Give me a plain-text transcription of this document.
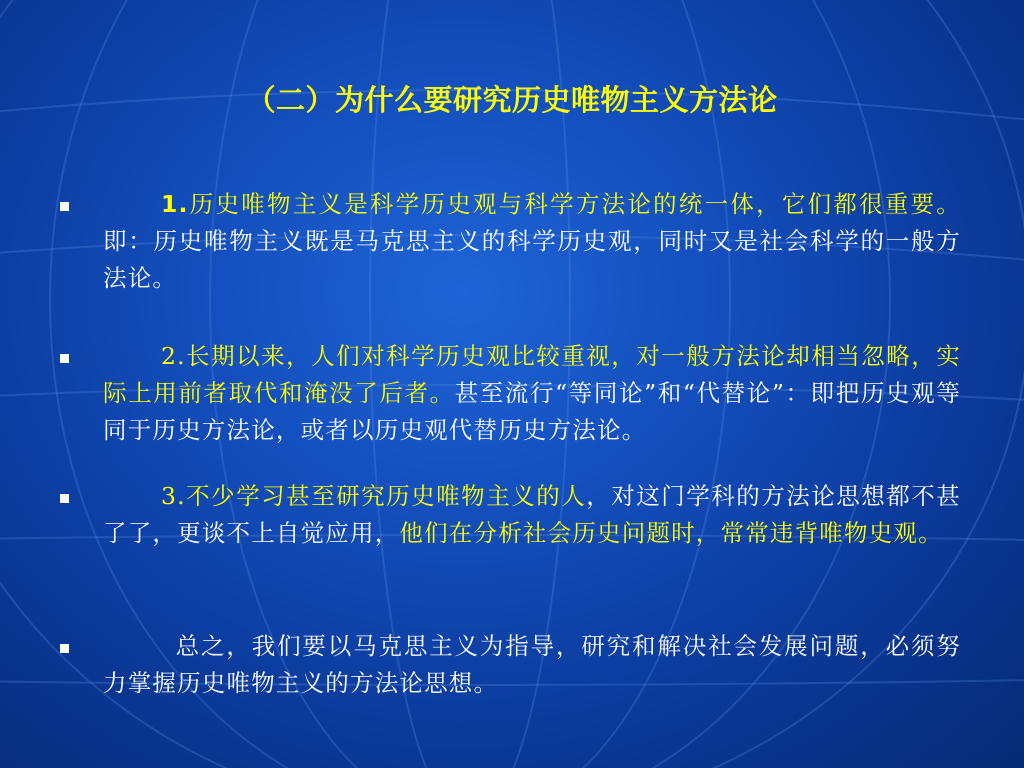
（二）为什么要研究历史唯物主义方法论
1.历史唯物主义是科学历史观与科学方法论的统一体，它们都很重要。即：历史唯物主义既是马克思主义的科学历史观，同时又是社会科学的一般方法论。
2.长期以来，人们对科学历史观比较重视，对一般方法论却相当忽略，实际上用前者取代和淹没了后者。甚至流行“等同论”和“代替论”：即把历史观等同于历史方法论，或者以历史观代替历史方法论。
3.不少学习甚至研究历史唯物主义的人，对这门学科的方法论思想都不甚了了，更谈不上自觉应用，他们在分析社会历史问题时，常常违背唯物史观。
总之，我们要以马克思主义为指导，研究和解决社会发展问题，必须努力掌握历史唯物主义的方法论思想。
